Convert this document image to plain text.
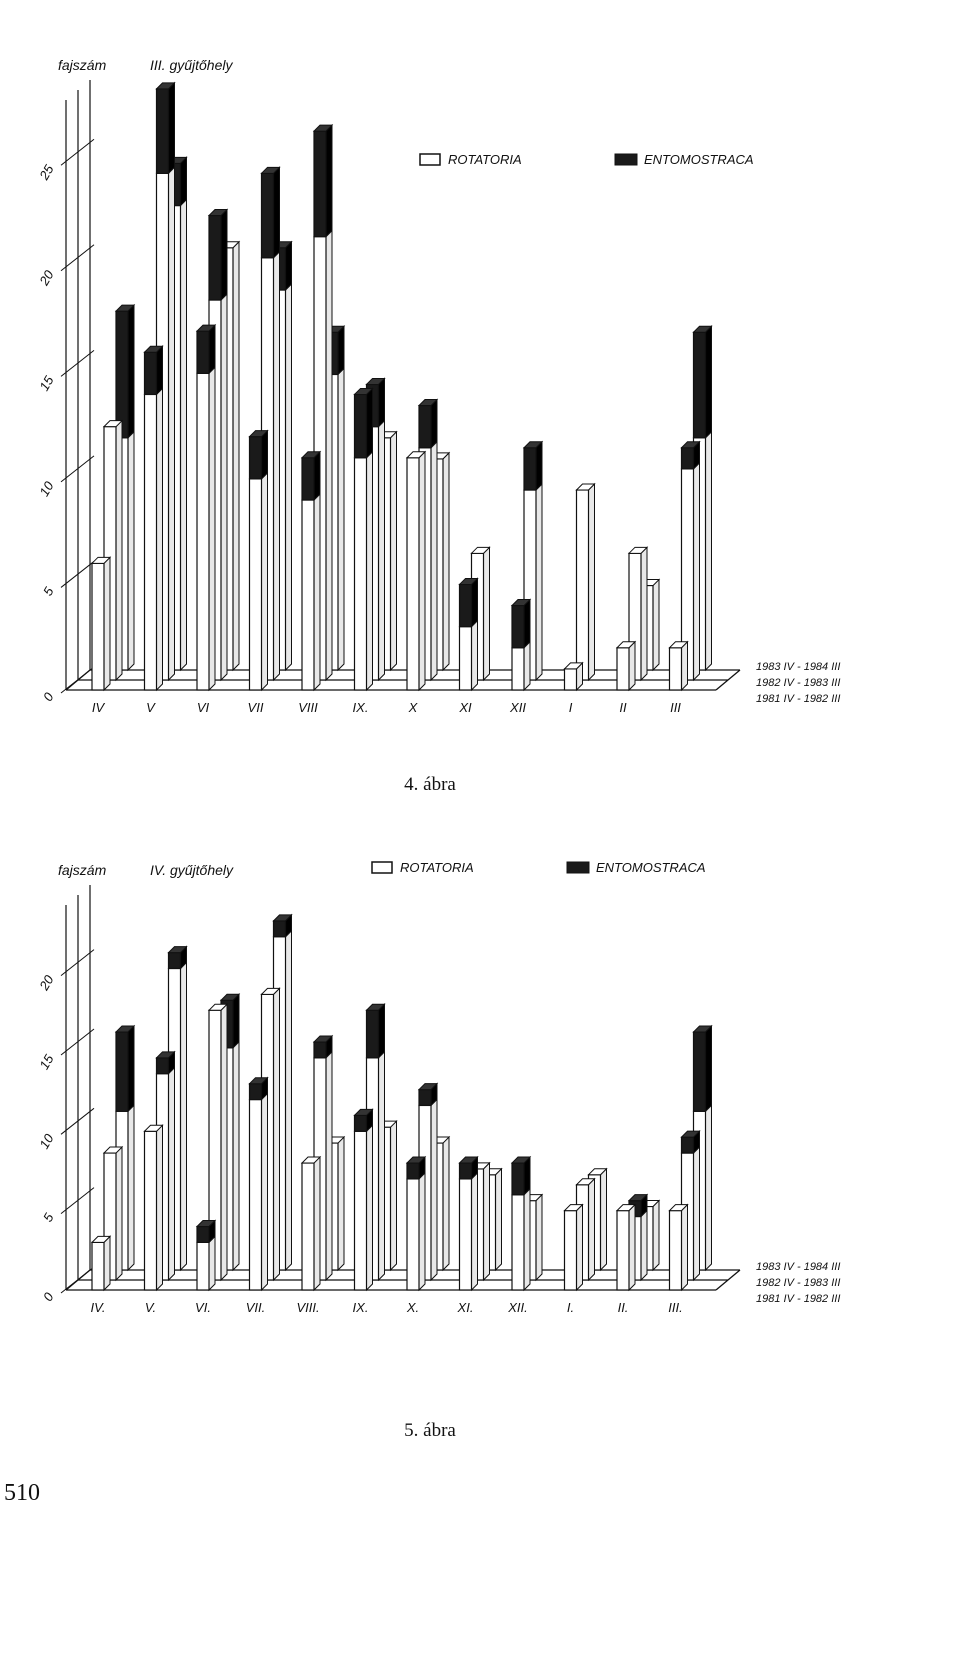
0
5
10
15
20
25
IV	V	VI	VII	VIII	IX.	X	XI	XII	I	II	III
1981 IV - 1982 III
1982 IV - 1983 III
1983 IV - 1984 III
fajszám	III. gyűjtőhely
ROTATORIA	ENTOMOSTRACA
4. ábra
0
5
10
15
20
IV.	V.	VI.	VII. VIII.	IX.	X.	XI.	XII.	I.	II.	III.
1981 IV - 1982 III
1982 IV - 1983 III
1983 IV - 1984 III
fajszám	IV. gyűjtőhely	ROTATORIA	ENTOMOSTRACA
5. ábra
510
